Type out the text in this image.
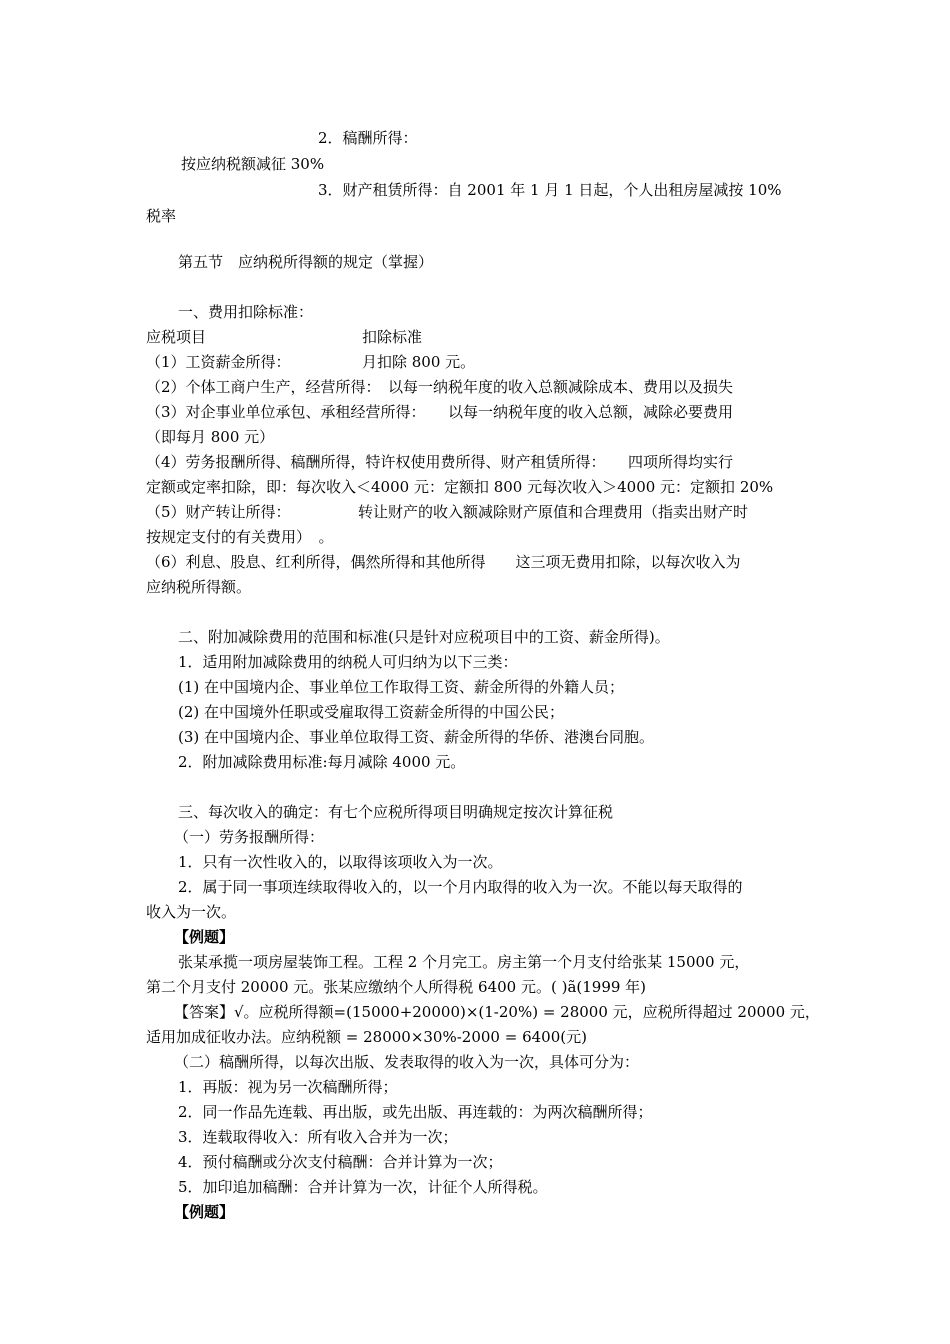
2．稿酬所得：
按应纳税额减征 30%
3．财产租赁所得：自 2001 年 1 月 1 日起，个人出租房屋减按 10%
税率
第五节　应纳税所得额的规定（掌握）
一、费用扣除标准：
应税项目	扣除标准
（1）工资薪金所得：	月扣除 800 元。
（2）个体工商户生产，经营所得：　以每一纳税年度的收入总额减除成本、费用以及损失
（3）对企事业单位承包、承租经营所得：　　以每一纳税年度的收入总额，减除必要费用
（即每月 800 元）
（4）劳务报酬所得、稿酬所得，特许权使用费所得、财产租赁所得：　　四项所得均实行
定额或定率扣除，即：每次收入＜4000 元：定额扣 800 元每次收入＞4000 元：定额扣 20%
（5）财产转让所得：　　　　　转让财产的收入额减除财产原值和合理费用（指卖出财产时
按规定支付的有关费用）　。
（6）利息、股息、红利所得，偶然所得和其他所得　　这三项无费用扣除，以每次收入为
应纳税所得额。
二、附加减除费用的范围和标准(只是针对应税项目中的工资、薪金所得)。
1．适用附加减除费用的纳税人可归纳为以下三类：
(1) 在中国境内企、事业单位工作取得工资、薪金所得的外籍人员；
(2) 在中国境外任职或受雇取得工资薪金所得的中国公民；
(3) 在中国境内企、事业单位取得工资、薪金所得的华侨、港澳台同胞。
2．附加减除费用标准:每月减除 4000 元。
三、每次收入的确定：有七个应税所得项目明确规定按次计算征税
（一）劳务报酬所得：
1．只有一次性收入的，以取得该项收入为一次。
2．属于同一事项连续取得收入的，以一个月内取得的收入为一次。不能以每天取得的
收入为一次。
【例题】
张某承揽一项房屋装饰工程。工程 2 个月完工。房主第一个月支付给张某 15000 元，
第二个月支付 20000 元。张某应缴纳个人所得税 6400 元。( )ã(1999 年)
【答案】√。应税所得额=(15000+20000)×(1-20%) = 28000 元，应税所得超过 20000 元，
适用加成征收办法。应纳税额 = 28000×30%-2000 = 6400(元)
（二）稿酬所得，以每次出版、发表取得的收入为一次，具体可分为：
1．再版：视为另一次稿酬所得；
2．同一作品先连载、再出版，或先出版、再连载的：为两次稿酬所得；
3．连载取得收入：所有收入合并为一次；
4．预付稿酬或分次支付稿酬：合并计算为一次；
5．加印追加稿酬：合并计算为一次，计征个人所得税。
【例题】
